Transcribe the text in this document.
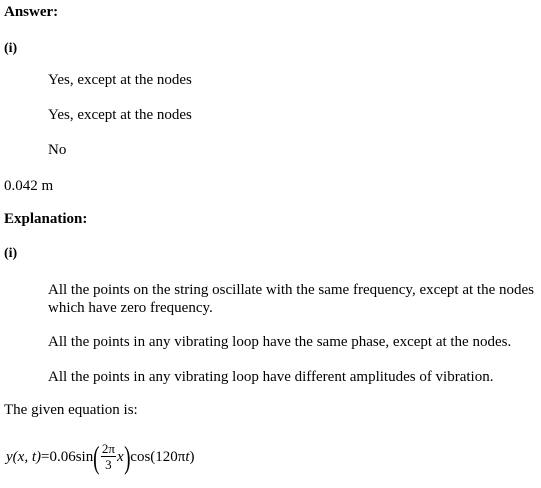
Answer:

(i)

Yes, except at the nodes

Yes, except at the nodes

No

0.042 m

Explanation:

(i)

All the points on the string oscillate with the same frequency, except at the nodes which have zero frequency.

All the points in any vibrating loop have the same phase, except at the nodes.

All the points in any vibrating loop have different amplitudes of vibration.

The given equation is:

y (x, t) = 0.06 sin ( $\frac{2\pi}{3}$ x ) cos ( 120π t )
